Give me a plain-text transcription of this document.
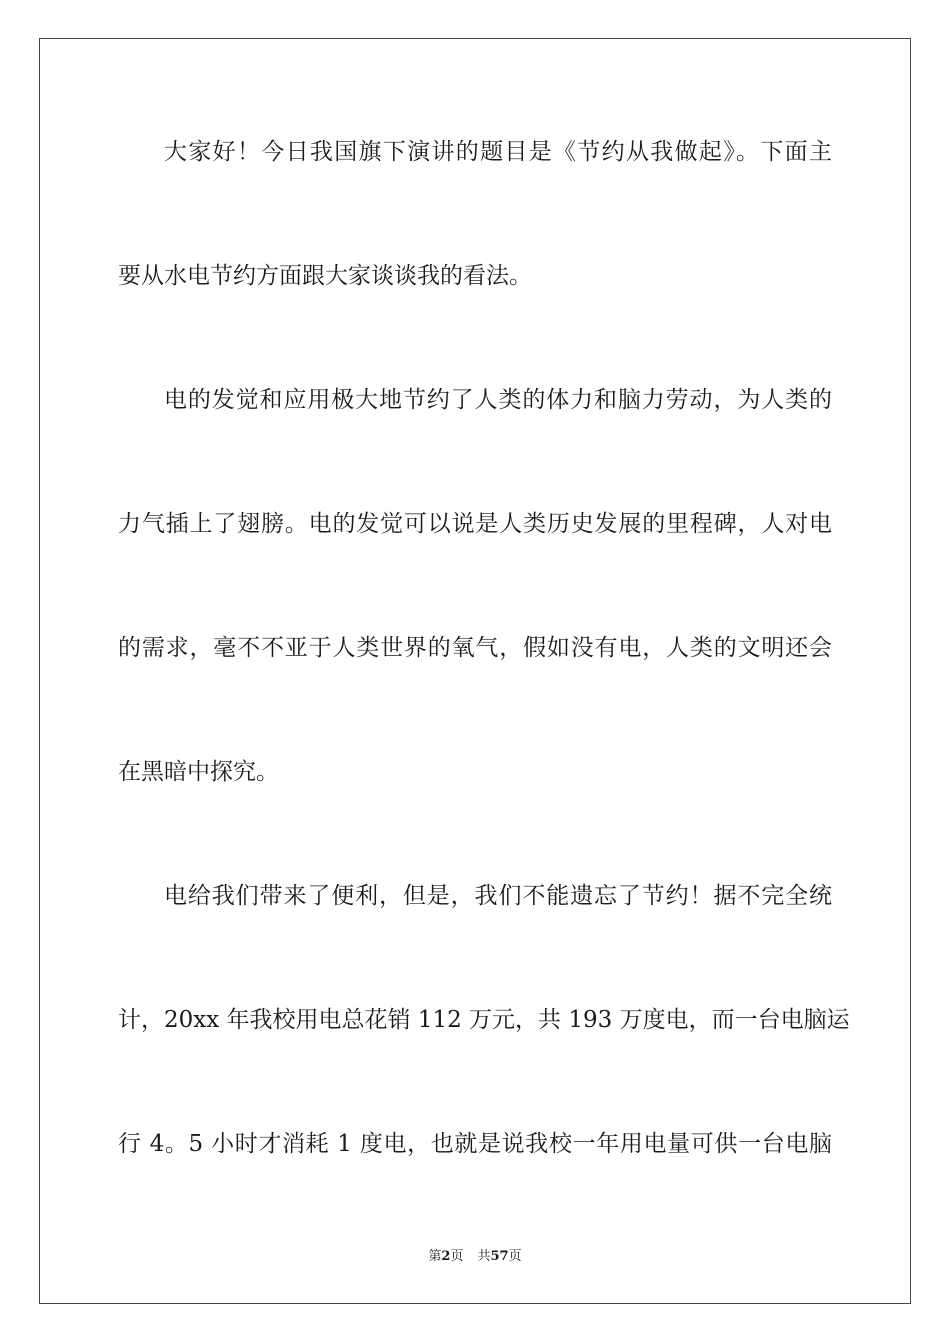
大家好！今日我国旗下演讲的题目是《节约从我做起》。下面主
要从水电节约方面跟大家谈谈我的看法。
电的发觉和应用极大地节约了人类的体力和脑力劳动，为人类的
力气插上了翅膀。电的发觉可以说是人类历史发展的里程碑，人对电
的需求，毫不不亚于人类世界的氧气，假如没有电，人类的文明还会
在黑暗中探究。
电给我们带来了便利，但是，我们不能遗忘了节约！据不完全统
计，20xx 年我校用电总花销 112 万元，共 193 万度电，而一台电脑运
行 4。5 小时才消耗 1 度电，也就是说我校一年用电量可供一台电脑
第2页 共57页
